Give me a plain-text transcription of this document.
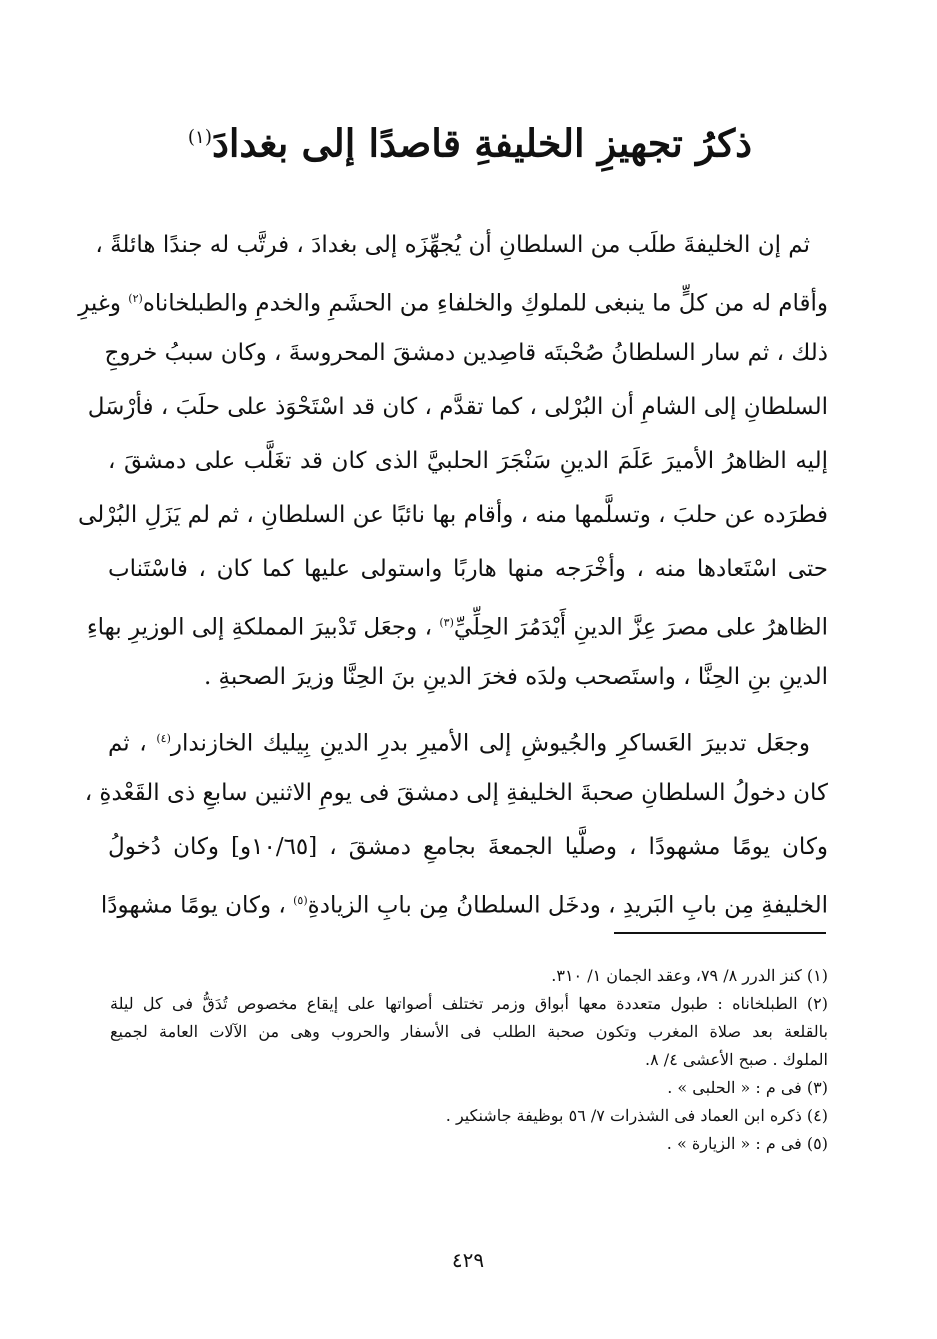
ذكرُ تجهيزِ الخليفةِ قاصدًا إلى بغدادَ$^{(١)}$
ثم إن الخليفةَ طلَب من السلطانِ أن يُجهِّزَه إلى بغدادَ ، فرتَّب له جندًا هائلةً ،
وأقام له من كلٍّ ما ينبغى للملوكِ والخلفاءِ من الحشَمِ والخدمِ والطبلخاناه$^{(٢)}$ وغيرِ
ذلك ، ثم سار السلطانُ صُحْبتَه قاصِدين دمشقَ المحروسةَ ، وكان سببُ خروجِ
السلطانِ إلى الشامِ أن البُرْلى ، كما تقدَّم ، كان قد اسْتَحْوَذ على حلَبَ ، فأرْسَل
إليه الظاهرُ الأميرَ عَلَمَ الدينِ سَنْجَرَ الحلبيَّ الذى كان قد تغَلَّب على دمشقَ ،
فطرَده عن حلبَ ، وتسلَّمها منه ، وأقام بها نائبًا عن السلطانِ ، ثم لم يَزَلِ البُرْلى
حتى اسْتَعادها منه ، وأخْرَجه منها هاربًا واستولى عليها كما كان ، فاسْتَناب
الظاهرُ على مصرَ عِزَّ الدينِ أَيْدَمُرَ الحِلِّيِّ$^{(٣)}$ ، وجعَل تَدْبيرَ المملكةِ إلى الوزيرِ بهاءِ
الدينِ بنِ الحِنَّا ، واستَصحب ولدَه فخرَ الدينِ بنَ الحِنَّا وزيرَ الصحبةِ .
وجعَل تدبيرَ العَساكرِ والجُيوشِ إلى الأميرِ بدرِ الدينِ بِيليك الخازندار$^{(٤)}$ ، ثم
كان دخولُ السلطانِ صحبةَ الخليفةِ إلى دمشقَ فى يومِ الاثنين سابعِ ذى القَعْدةِ ،
وكان يومًا مشهودًا ، وصلَّيا الجمعةَ بجامعِ دمشقَ ، [١٠/٦٥و] وكان دُخولُ
الخليفةِ مِن بابِ البَريدِ ، ودخَل السلطانُ مِن بابِ الزيادةِ$^{(٥)}$ ، وكان يومًا مشهودًا
(١) كنز الدرر ٨/ ٧٩، وعقد الجمان ١/ ٣١٠.
(٢) الطبلخاناه : طبول متعددة معها أبواق وزمر تختلف أصواتها على إيقاع مخصوص تُدَقُّ فى كل ليلة
بالقلعة بعد صلاة المغرب وتكون صحبة الطلب فى الأسفار والحروب وهى من الآلات العامة لجميع
الملوك . صبح الأعشى ٤/ ٨.
(٣) فى م : « الحلبى » .
(٤) ذكره ابن العماد فى الشذرات ٧/ ٥٦ بوظيفة جاشنكير .
(٥) فى م : « الزيارة » .
٤٢٩
